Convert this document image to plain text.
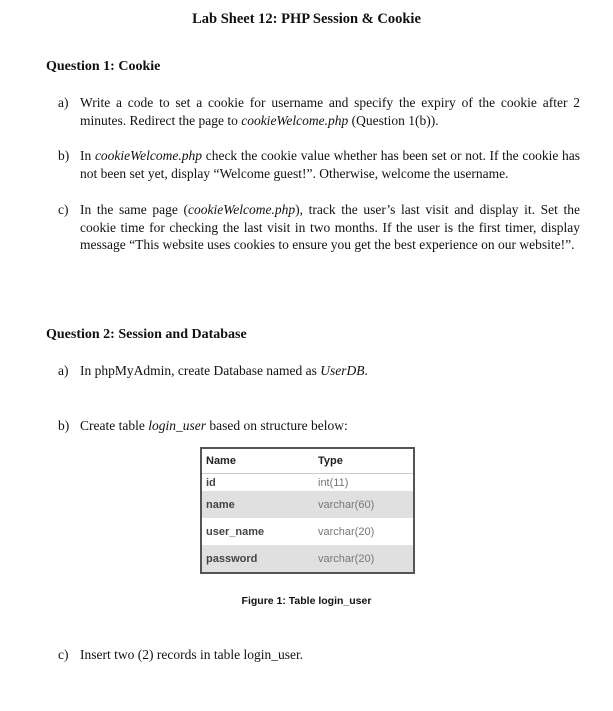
Lab Sheet 12: PHP Session & Cookie
Question 1: Cookie
a) Write a code to set a cookie for username and specify the expiry of the cookie after 2 minutes. Redirect the page to cookieWelcome.php (Question 1(b)).
b) In cookieWelcome.php check the cookie value whether has been set or not. If the cookie has not been set yet, display “Welcome guest!”. Otherwise, welcome the username.
c) In the same page (cookieWelcome.php), track the user’s last visit and display it. Set the cookie time for checking the last visit in two months. If the user is the first timer, display message “This website uses cookies to ensure you get the best experience on our website!”.
Question 2: Session and Database
a) In phpMyAdmin, create Database named as UserDB.
b) Create table login_user based on structure below:
Name	Type
id	int(11)
name	varchar(60)
user_name	varchar(20)
password	varchar(20)
Figure 1: Table login_user
c) Insert two (2) records in table login_user.
